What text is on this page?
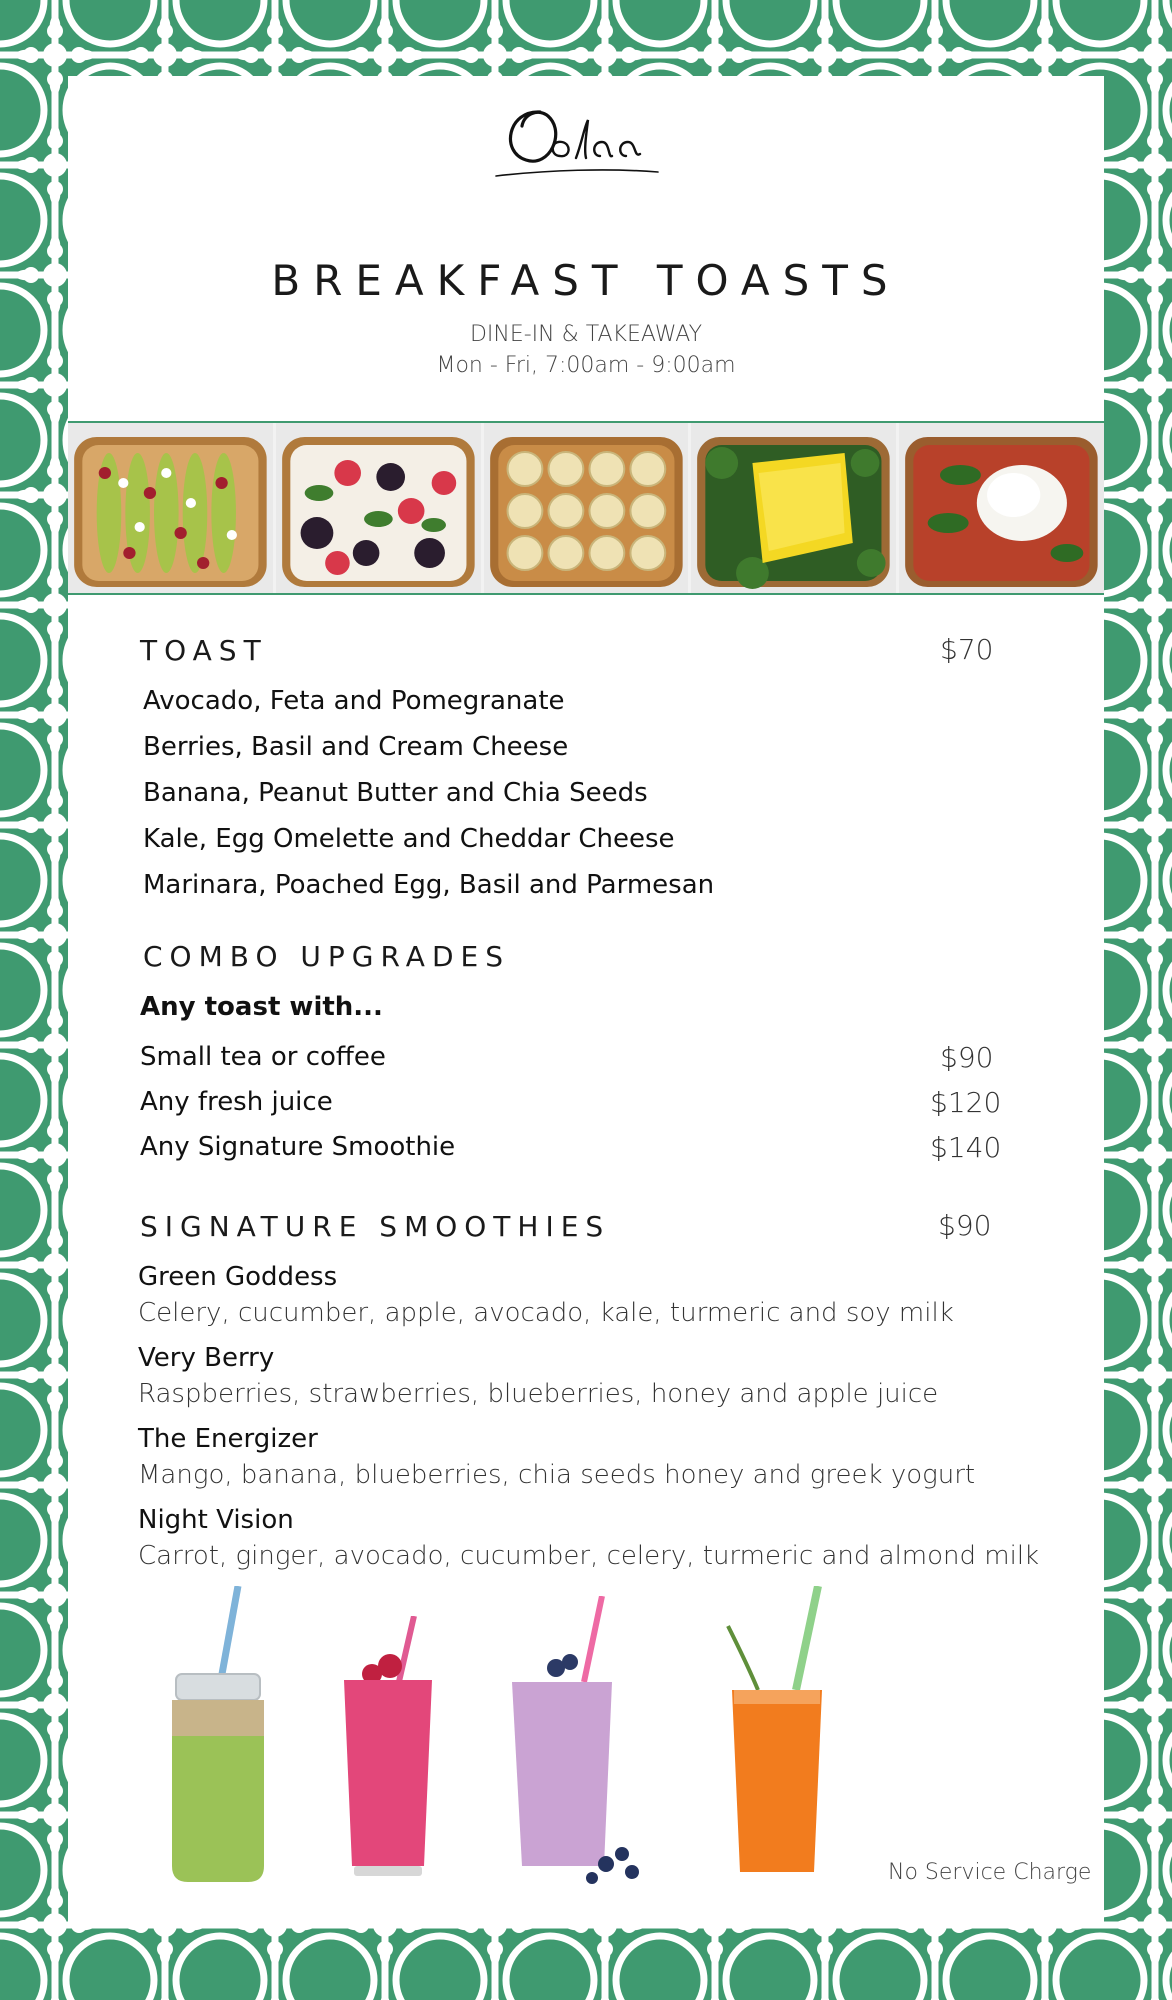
BREAKFAST TOASTS
DINE-IN & TAKEAWAY
Mon - Fri, 7:00am - 9:00am
TOAST	$70
Avocado, Feta and Pomegranate
Berries, Basil and Cream Cheese
Banana, Peanut Butter and Chia Seeds
Kale, Egg Omelette and Cheddar Cheese
Marinara, Poached Egg, Basil and Parmesan
COMBO UPGRADES
Any toast with...
Small tea or coffee	$90
Any fresh juice	$120
Any Signature Smoothie	$140
SIGNATURE SMOOTHIES	$90
Green Goddess
Celery, cucumber, apple, avocado, kale, turmeric and soy milk
Very Berry
Raspberries, strawberries, blueberries, honey and apple juice
The Energizer
Mango, banana, blueberries, chia seeds honey and greek yogurt
Night Vision
Carrot, ginger, avocado, cucumber, celery, turmeric and almond milk
No Service Charge
